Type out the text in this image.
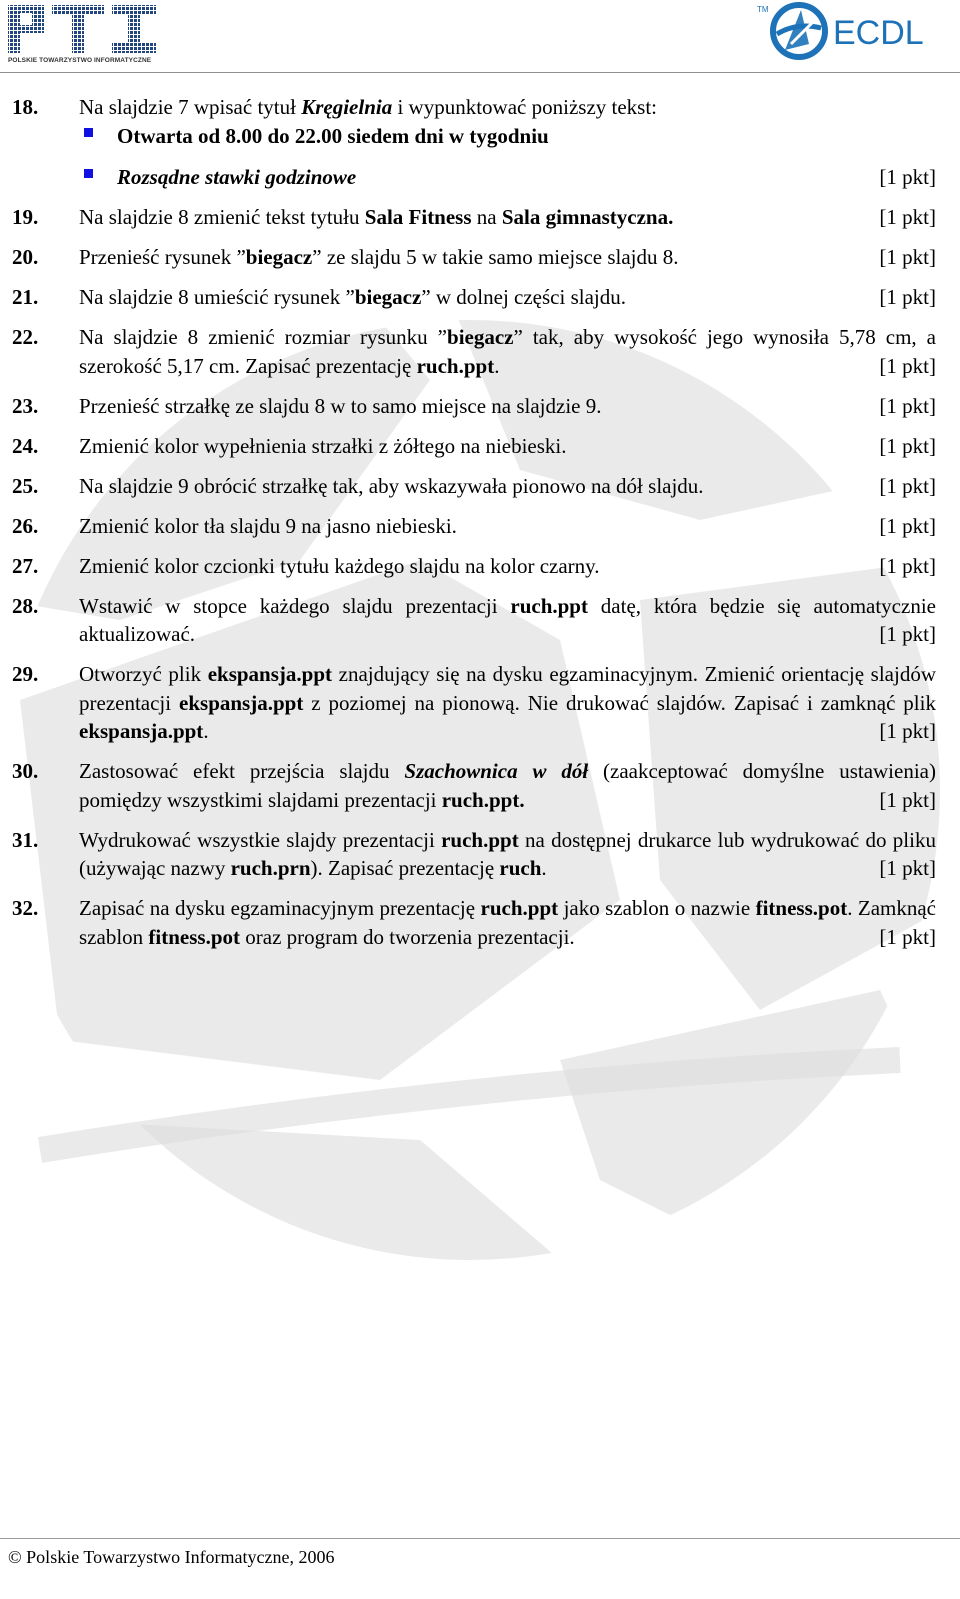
POLSKIE TOWARZYSTWO INFORMATYCZNE
ECDL
TM
18.	Na slajdzie 7 wpisać tytuł Kręgielnia i wypunktować poniższy tekst:
Otwarta od 8.00 do 22.00 siedem dni w tygodniu
Rozsądne stawki godzinowe	[1 pkt]
19.	Na slajdzie 8 zmienić tekst tytułu Sala Fitness na Sala gimnastyczna.	[1 pkt]
20.	Przenieść rysunek ”biegacz” ze slajdu 5 w takie samo miejsce slajdu 8.	[1 pkt]
21.	Na slajdzie 8 umieścić rysunek ”biegacz” w dolnej części slajdu.	[1 pkt]
22.	Na slajdzie 8 zmienić rozmiar rysunku ”biegacz” tak, aby wysokość jego wynosiła 5,78 cm, a szerokość 5,17 cm. Zapisać prezentację ruch.ppt.	[1 pkt]
23.	Przenieść strzałkę ze slajdu 8 w to samo miejsce na slajdzie 9.	[1 pkt]
24.	Zmienić kolor wypełnienia strzałki z żółtego na niebieski.	[1 pkt]
25.	Na slajdzie 9 obrócić strzałkę tak, aby wskazywała pionowo na dół slajdu.	[1 pkt]
26.	Zmienić kolor tła slajdu 9 na jasno niebieski.	[1 pkt]
27.	Zmienić kolor czcionki tytułu każdego slajdu na kolor czarny.	[1 pkt]
28.	Wstawić w stopce każdego slajdu prezentacji ruch.ppt datę, która będzie się automatycznie aktualizować.	[1 pkt]
29.	Otworzyć plik ekspansja.ppt znajdujący się na dysku egzaminacyjnym. Zmienić orientację slajdów prezentacji ekspansja.ppt z poziomej na pionową. Nie drukować slajdów. Zapisać i zamknąć plik ekspansja.ppt.	[1 pkt]
30.	Zastosować efekt przejścia slajdu Szachownica w dół (zaakceptować domyślne ustawienia) pomiędzy wszystkimi slajdami prezentacji ruch.ppt.	[1 pkt]
31.	Wydrukować wszystkie slajdy prezentacji ruch.ppt na dostępnej drukarce lub wydrukować do pliku (używając nazwy ruch.prn). Zapisać prezentację ruch.	[1 pkt]
32.	Zapisać na dysku egzaminacyjnym prezentację ruch.ppt jako szablon o nazwie fitness.pot. Zamknąć szablon fitness.pot oraz program do tworzenia prezentacji.	[1 pkt]
© Polskie Towarzystwo Informatyczne, 2006
